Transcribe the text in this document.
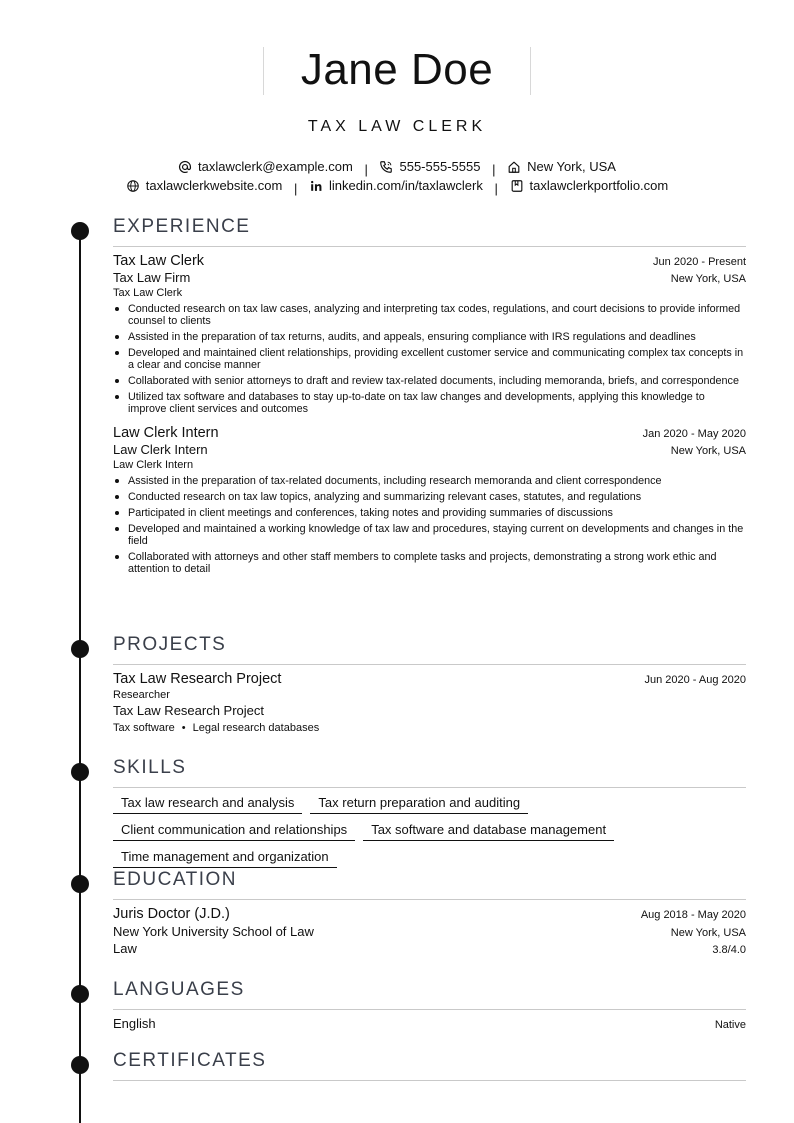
Jane Doe
TAX LAW CLERK
taxlawclerk@example.com | 555-555-5555 | New York, USA
taxlawclerkwebsite.com | linkedin.com/in/taxlawclerk | taxlawclerkportfolio.com
EXPERIENCE
Tax Law Clerk	Jun 2020 - Present
Tax Law Firm	New York, USA
Tax Law Clerk
Conducted research on tax law cases, analyzing and interpreting tax codes, regulations, and court decisions to provide informed counsel to clients
Assisted in the preparation of tax returns, audits, and appeals, ensuring compliance with IRS regulations and deadlines
Developed and maintained client relationships, providing excellent customer service and communicating complex tax concepts in a clear and concise manner
Collaborated with senior attorneys to draft and review tax-related documents, including memoranda, briefs, and correspondence
Utilized tax software and databases to stay up-to-date on tax law changes and developments, applying this knowledge to improve client services and outcomes
Law Clerk Intern	Jan 2020 - May 2020
Law Clerk Intern	New York, USA
Law Clerk Intern
Assisted in the preparation of tax-related documents, including research memoranda and client correspondence
Conducted research on tax law topics, analyzing and summarizing relevant cases, statutes, and regulations
Participated in client meetings and conferences, taking notes and providing summaries of discussions
Developed and maintained a working knowledge of tax law and procedures, staying current on developments and changes in the field
Collaborated with attorneys and other staff members to complete tasks and projects, demonstrating a strong work ethic and attention to detail
PROJECTS
Tax Law Research Project	Jun 2020 - Aug 2020
Researcher
Tax Law Research Project
Tax software • Legal research databases
SKILLS
Tax law research and analysis	Tax return preparation and auditing
Client communication and relationships	Tax software and database management
Time management and organization
EDUCATION
Juris Doctor (J.D.)	Aug 2018 - May 2020
New York University School of Law	New York, USA
Law	3.8/4.0
LANGUAGES
English	Native
CERTIFICATES
